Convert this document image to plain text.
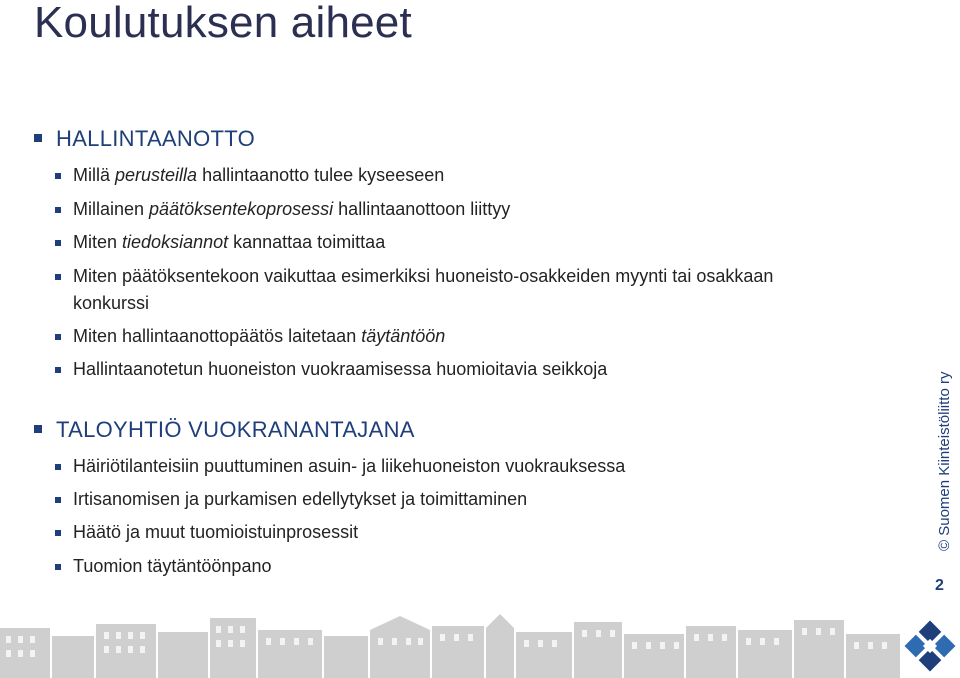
Koulutuksen aiheet
HALLINTAANOTTO
Millä perusteilla hallintaanotto tulee kyseeseen
Millainen päätöksentekoprosessi hallintaanottoon liittyy
Miten tiedoksiannot kannattaa toimittaa
Miten päätöksentekoon vaikuttaa esimerkiksi huoneisto-osakkeiden myynti tai osakkaan konkurssi
Miten hallintaanottopäätös laitetaan täytäntöön
Hallintaanotetun huoneiston vuokraamisessa huomioitavia seikkoja
TALOYHTIÖ VUOKRANANTAJANA
Häiriötilanteisiin puuttuminen asuin- ja liikehuoneiston vuokrauksessa
Irtisanomisen ja purkamisen edellytykset ja toimittaminen
Häätö ja muut tuomioistuinprosessit
Tuomion täytäntöönpano
© Suomen Kiinteistöliitto ry
2
